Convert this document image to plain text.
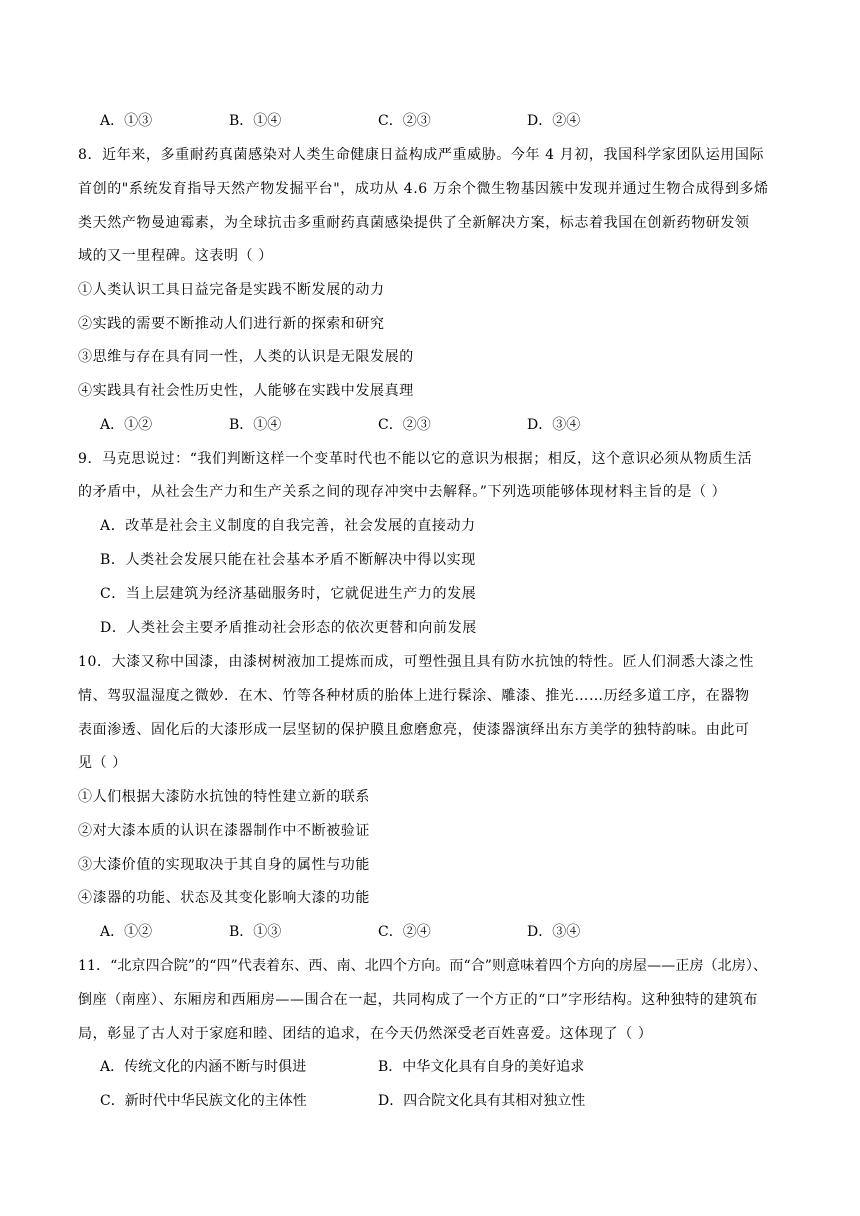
A．①③	B．①④	C．②③	D．②④
8．近年来，多重耐药真菌感染对人类生命健康日益构成严重威胁。今年 4 月初，我国科学家团队运用国际
首创的"系统发育指导天然产物发掘平台"，成功从 4.6 万余个微生物基因簇中发现并通过生物合成得到多烯
类天然产物曼迪霉素，为全球抗击多重耐药真菌感染提供了全新解决方案，标志着我国在创新药物研发领
域的又一里程碑。这表明（ ）
①人类认识工具日益完备是实践不断发展的动力
②实践的需要不断推动人们进行新的探索和研究
③思维与存在具有同一性，人类的认识是无限发展的
④实践具有社会性历史性，人能够在实践中发展真理
A．①②	B．①④	C．②③	D．③④
9．马克思说过：“我们判断这样一个变革时代也不能以它的意识为根据；相反，这个意识必须从物质生活
的矛盾中，从社会生产力和生产关系之间的现存冲突中去解释。”下列选项能够体现材料主旨的是（ ）
A．改革是社会主义制度的自我完善，社会发展的直接动力
B．人类社会发展只能在社会基本矛盾不断解决中得以实现
C．当上层建筑为经济基础服务时，它就促进生产力的发展
D．人类社会主要矛盾推动社会形态的依次更替和向前发展
10．大漆又称中国漆，由漆树树液加工提炼而成，可塑性强且具有防水抗蚀的特性。匠人们洞悉大漆之性
情、驾驭温湿度之微妙．在木、竹等各种材质的胎体上进行髹涂、雕漆、推光……历经多道工序，在器物
表面渗透、固化后的大漆形成一层坚韧的保护膜且愈磨愈亮，使漆器演绎出东方美学的独特韵味。由此可
见（ ）
①人们根据大漆防水抗蚀的特性建立新的联系
②对大漆本质的认识在漆器制作中不断被验证
③大漆价值的实现取决于其自身的属性与功能
④漆器的功能、状态及其变化影响大漆的功能
A．①②	B．①③	C．②④	D．③④
11．“北京四合院”的“四”代表着东、西、南、北四个方向。而“合”则意味着四个方向的房屋——正房（北房）、
倒座（南座）、东厢房和西厢房——围合在一起，共同构成了一个方正的“口”字形结构。这种独特的建筑布
局，彰显了古人对于家庭和睦、团结的追求，在今天仍然深受老百姓喜爱。这体现了（ ）
A．传统文化的内涵不断与时俱进	B．中华文化具有自身的美好追求
C．新时代中华民族文化的主体性	D．四合院文化具有其相对独立性
